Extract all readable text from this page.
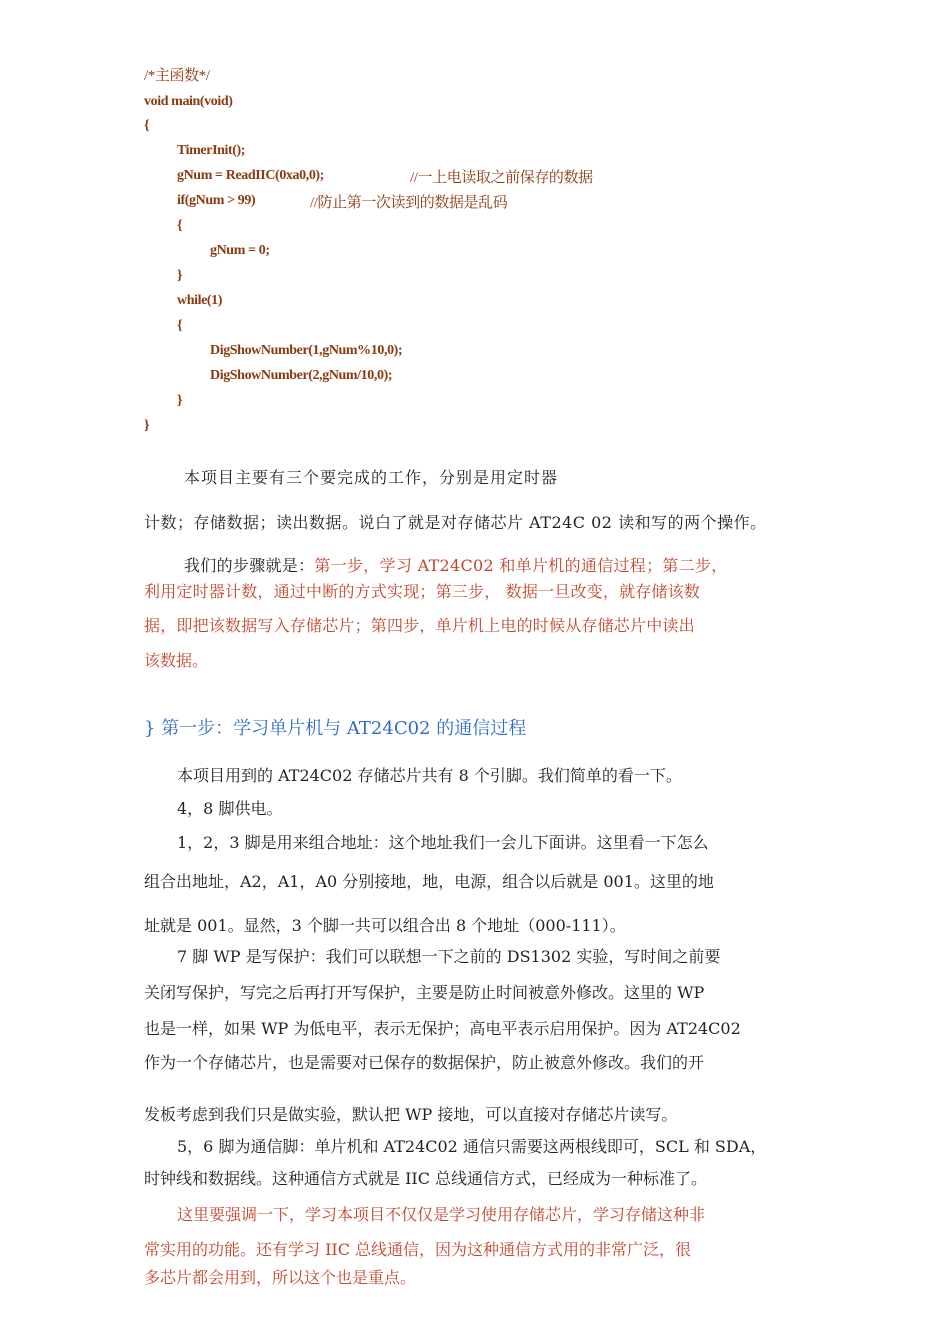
/*主函数*/
void main(void)
{
TimerInit();
gNum = ReadIIC(0xa0,0);	//一上电读取之前保存的数据
if(gNum > 99)	//防止第一次读到的数据是乱码
{
gNum = 0;
}
while(1)
{
DigShowNumber(1,gNum%10,0);
DigShowNumber(2,gNum/10,0);
}
}
本项目主要有三个要完成的工作，分别是用定时器
计数；存储数据；读出数据。说白了就是对存储芯片 AT24C 02 读和写的两个操作。
我们的步骤就是：第一步，学习 AT24C02 和单片机的通信过程；第二步，
利用定时器计数，通过中断的方式实现；第三步， 数据一旦改变，就存储该数
据，即把该数据写入存储芯片；第四步，单片机上电的时候从存储芯片中读出
该数据。
} 第一步：学习单片机与 AT24C02 的通信过程
本项目用到的 AT24C02 存储芯片共有 8 个引脚。我们简单的看一下。
4，8 脚供电。
1，2，3 脚是用来组合地址：这个地址我们一会儿下面讲。这里看一下怎么
组合出地址，A2，A1，A0 分别接地，地，电源，组合以后就是 001。这里的地
址就是 001。显然，3 个脚一共可以组合出 8 个地址（000-111）。
7 脚 WP 是写保护：我们可以联想一下之前的 DS1302 实验，写时间之前要
关闭写保护，写完之后再打开写保护，主要是防止时间被意外修改。这里的 WP
也是一样，如果 WP 为低电平，表示无保护；高电平表示启用保护。因为 AT24C02
作为一个存储芯片，也是需要对已保存的数据保护，防止被意外修改。我们的开
发板考虑到我们只是做实验，默认把 WP 接地，可以直接对存储芯片读写。
5，6 脚为通信脚：单片机和 AT24C02 通信只需要这两根线即可，SCL 和 SDA，
时钟线和数据线。这种通信方式就是 IIC 总线通信方式，已经成为一种标准了。
这里要强调一下，学习本项目不仅仅是学习使用存储芯片，学习存储这种非
常实用的功能。还有学习 IIC 总线通信，因为这种通信方式用的非常广泛，很
多芯片都会用到，所以这个也是重点。
